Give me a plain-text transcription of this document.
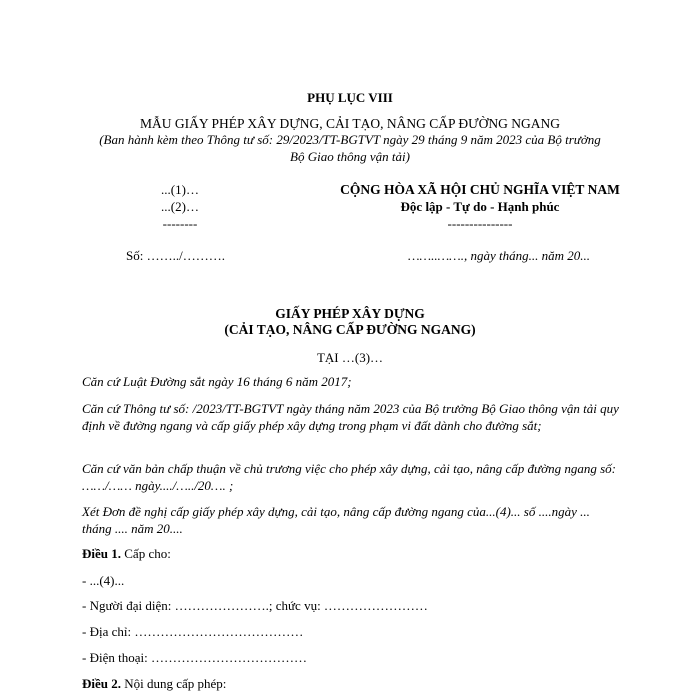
PHỤ LỤC VIII
MẪU GIẤY PHÉP XÂY DỰNG, CẢI TẠO, NÂNG CẤP ĐƯỜNG NGANG
(Ban hành kèm theo Thông tư số: 29/2023/TT-BGTVT ngày 29 tháng 9 năm 2023 của Bộ trưởng
Bộ Giao thông vận tải)
...(1)…
...(2)…
--------
Số: ……../……….
CỘNG HÒA XÃ HỘI CHỦ NGHĨA VIỆT NAM
Độc lập - Tự do - Hạnh phúc
---------------
……..……., ngày tháng... năm 20...
GIẤY PHÉP XÂY DỰNG
(CẢI TẠO, NÂNG CẤP ĐƯỜNG NGANG)
TẠI …(3)…
Căn cứ Luật Đường sắt ngày 16 tháng 6 năm 2017;
Căn cứ Thông tư số: /2023/TT-BGTVT ngày tháng năm 2023 của Bộ trưởng Bộ Giao thông vận tải quy định về đường ngang và cấp giấy phép xây dựng trong phạm vi đất dành cho đường sắt;
Căn cứ văn bản chấp thuận về chủ trương việc cho phép xây dựng, cải tạo, nâng cấp đường ngang số: ……/…… ngày..../…../20…. ;
Xét Đơn đề nghị cấp giấy phép xây dựng, cải tạo, nâng cấp đường ngang của...(4)... số ....ngày ... tháng .... năm 20....
Điều 1. Cấp cho:
- ...(4)...
- Người đại diện: ………………….; chức vụ: ……………………
- Địa chỉ: …………………………………
- Điện thoại: ………………………………
Điều 2. Nội dung cấp phép:
